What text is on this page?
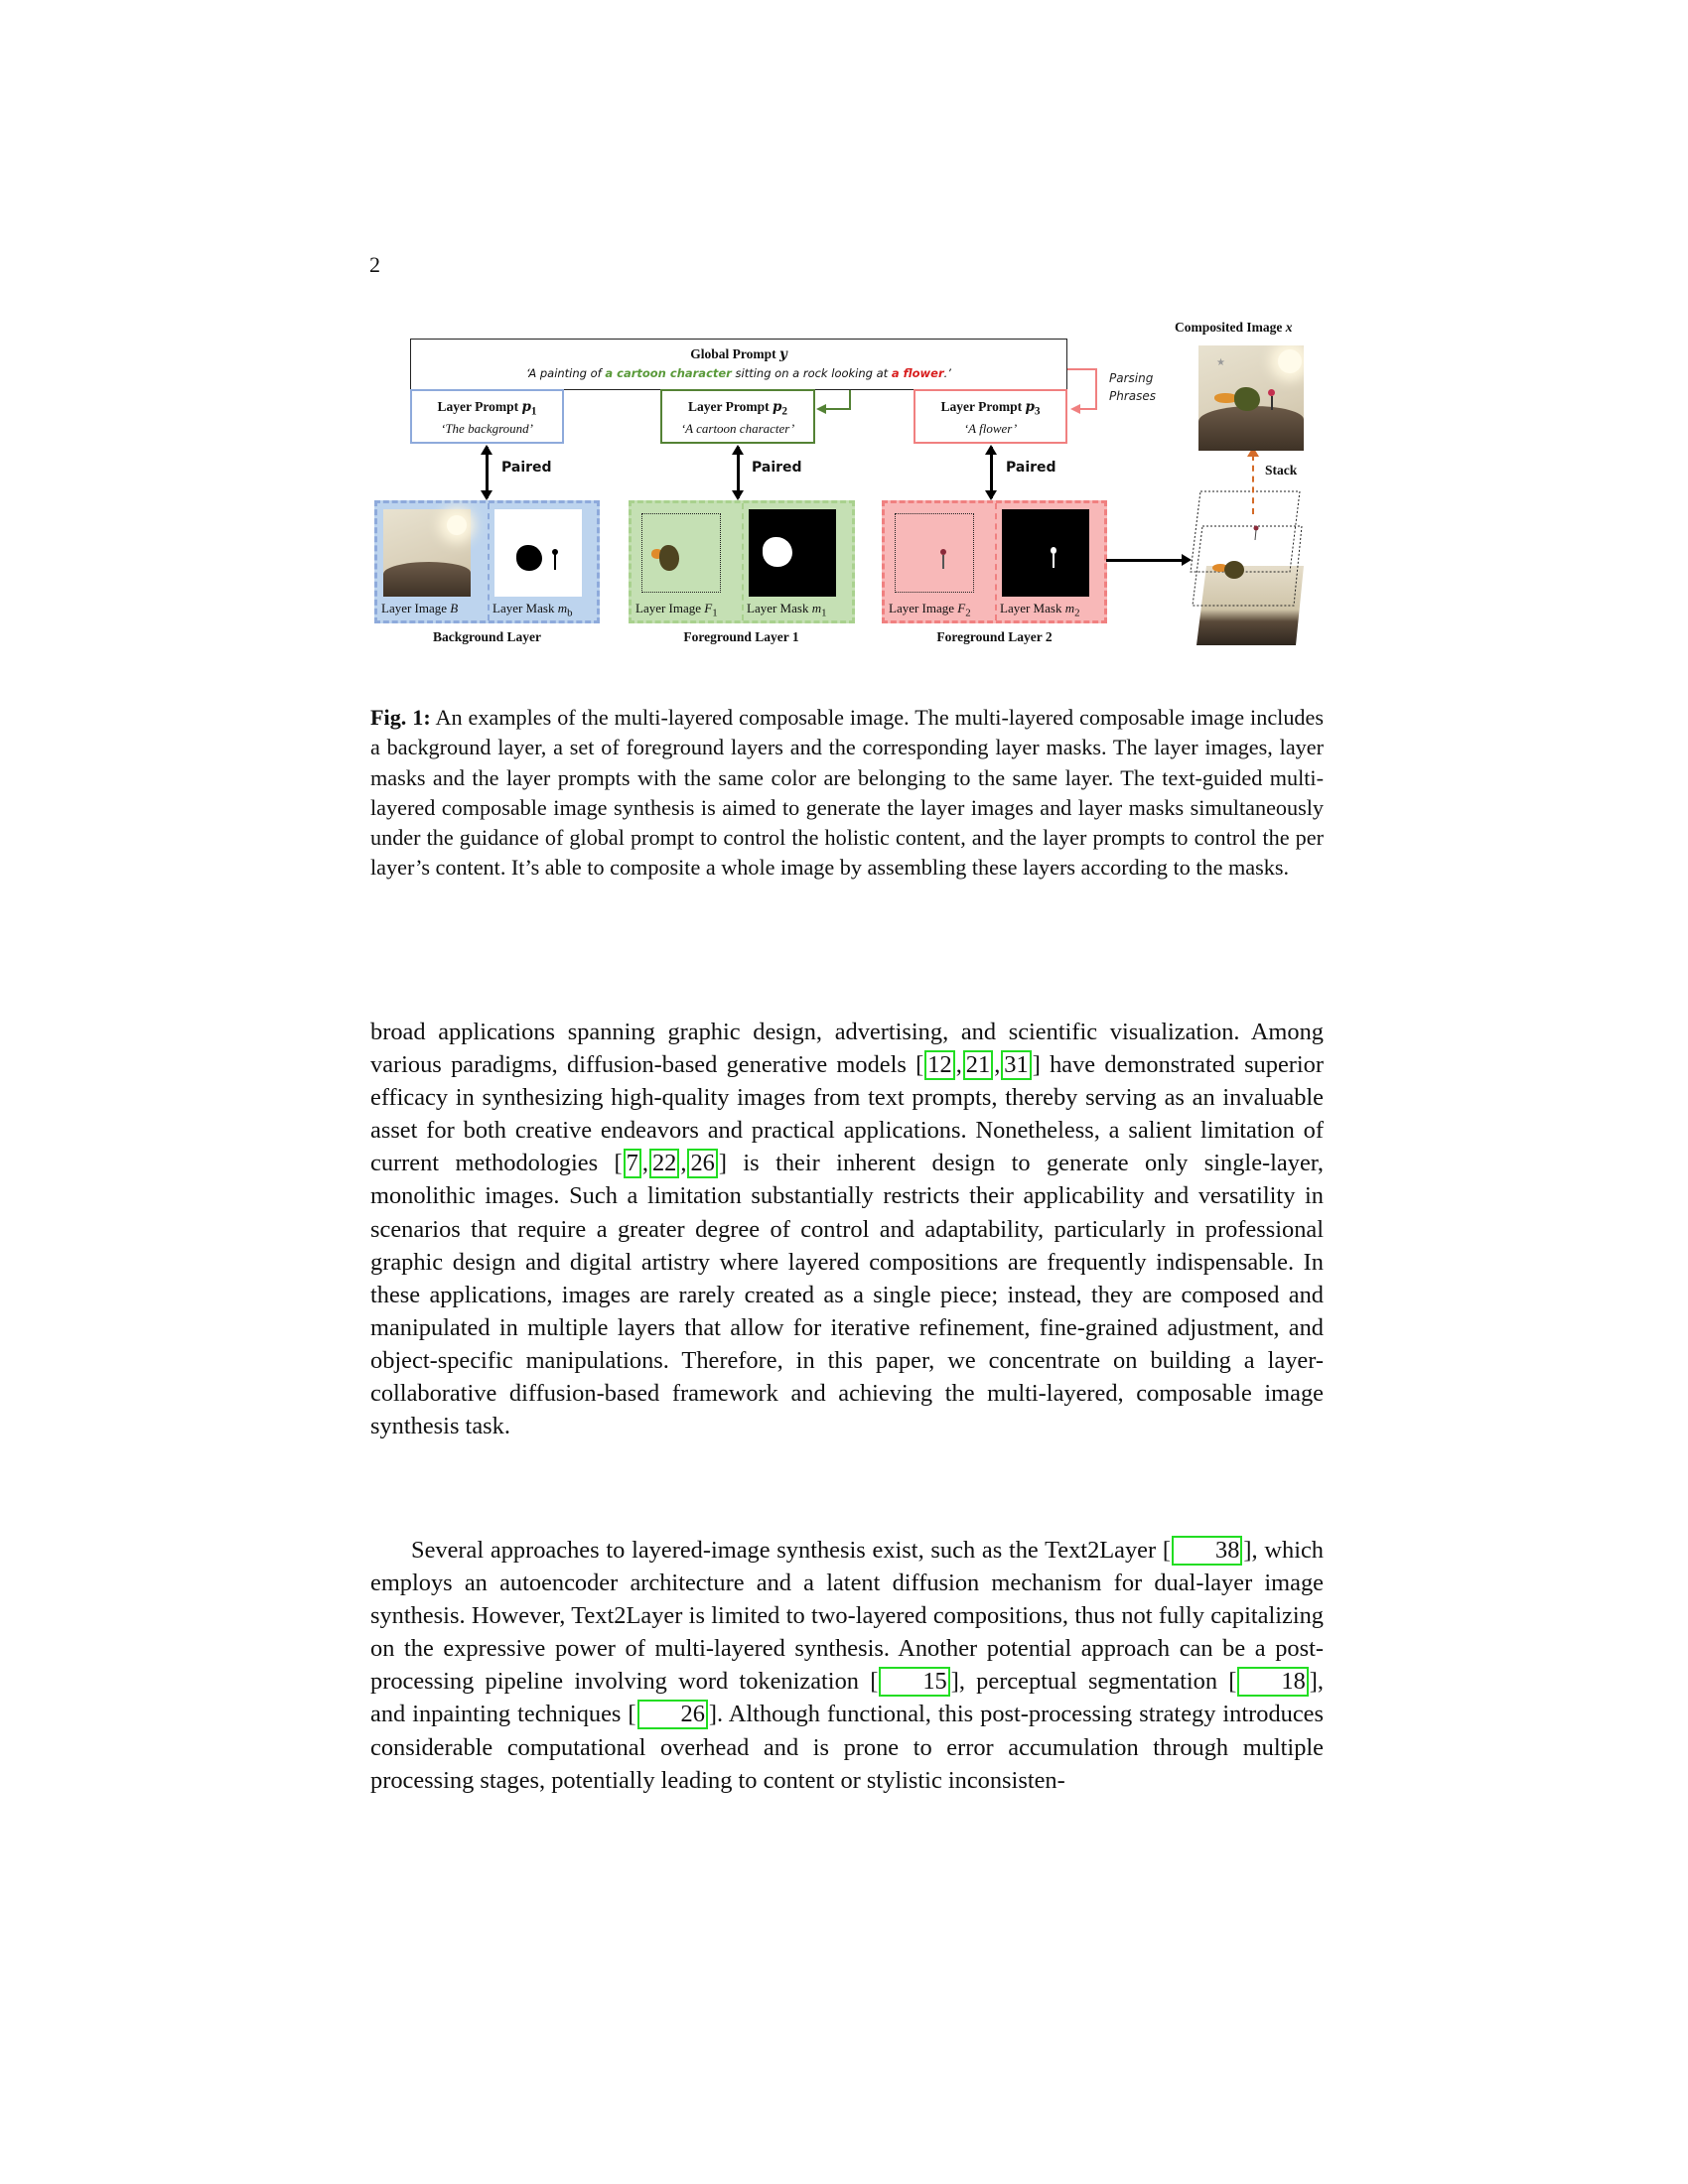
2
Global Prompt y
‘A painting of a cartoon character sitting on a rock looking at a flower.’
Layer Prompt $p_1$
‘The background’
Layer Prompt $p_2$
‘A cartoon character’
Layer Prompt $p_3$
‘A flower’
Parsing
Phrases
Paired	Paired	Paired
Layer Image B	Layer Mask $m_b$
Background Layer
Layer Image $F_1$ Layer Mask $m_1$
Foreground Layer 1
Layer Image $F_2$ Layer Mask $m_2$
Foreground Layer 2
Stack
Composited Image x
★

Fig. 1: An examples of the multi-layered composable image. The multi-layered composable image includes a background layer, a set of foreground layers and the corresponding layer masks. The layer images, layer masks and the layer prompts with the same color are belonging to the same layer. The text-guided multi-layered composable image synthesis is aimed to generate the layer images and layer masks simultaneously under the guidance of global prompt to control the holistic content, and the layer prompts to control the per layer’s content. It’s able to composite a whole image by assembling these layers according to the masks.

broad applications spanning graphic design, advertising, and scientific visualization. Among various paradigms, diffusion-based generative models [ 12 , 21 , 31 ] have demonstrated superior efficacy in synthesizing high-quality images from text prompts, thereby serving as an invaluable asset for both creative endeavors and practical applications. Nonetheless, a salient limitation of current methodologies [ 7 , 22 , 26 ] is their inherent design to generate only single-layer, monolithic images. Such a limitation substantially restricts their applicability and versatility in scenarios that require a greater degree of control and adaptability, particularly in professional graphic design and digital artistry where layered compositions are frequently indispensable. In these applications, images are rarely created as a single piece; instead, they are composed and manipulated in multiple layers that allow for iterative refinement, fine-grained adjustment, and object-specific manipulations. Therefore, in this paper, we concentrate on building a layer-collaborative diffusion-based framework and achieving the multi-layered, composable image synthesis task.

Several approaches to layered-image synthesis exist, such as the Text2Layer [ 38 ], which employs an autoencoder architecture and a latent diffusion mechanism for dual-layer image synthesis. However, Text2Layer is limited to two-layered compositions, thus not fully capitalizing on the expressive power of multi-layered synthesis. Another potential approach can be a post-processing pipeline involving word tokenization [ 15 ], perceptual segmentation [ 18 ], and inpainting techniques [ 26 ]. Although functional, this post-processing strategy introduces considerable computational overhead and is prone to error accumulation through multiple processing stages, potentially leading to content or stylistic inconsisten-
